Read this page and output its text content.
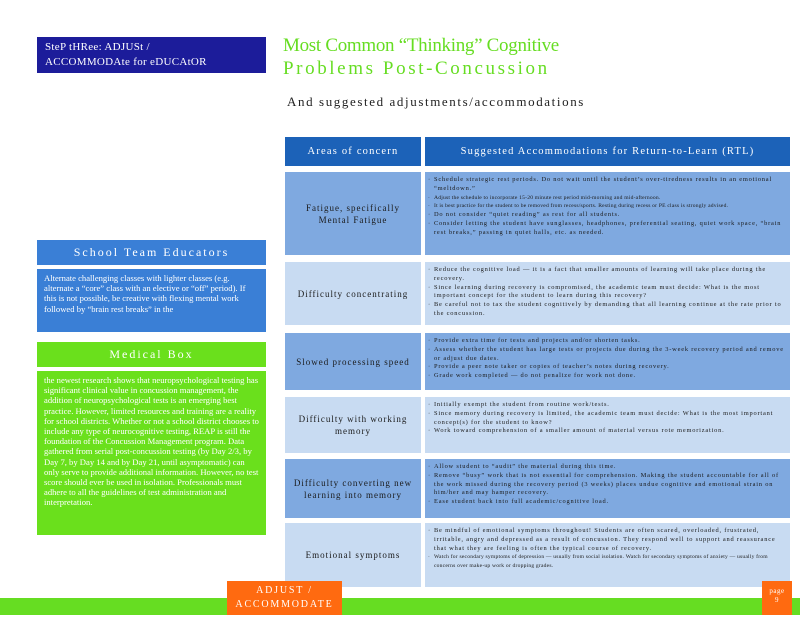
SteP tHRee: ADJUSt /
ACCOMMODAte for eDUCAtOR
Most Common “Thinking” Cognitive
Problems Post-Concussion
And suggested adjustments/accommodations
School Team Educators
Alternate challenging classes with lighter classes (e.g. alternate a “core” class with an elective or “off” period). If this is not possible, be creative with flexing mental work followed by “brain rest breaks” in the
Medical Box
the newest research shows that neuropsychological testing has significant clinical value in concussion management, the addition of neuropsychological tests is an emerging best practice. However, limited resources and training are a reality for school districts. Whether or not a school district chooses to include any type of neurocognitive testing, REAP is still the foundation of the Concussion Management program. Data gathered from serial post-concussion testing (by Day 2/3, by Day 7, by Day 14 and by Day 21, until asymptomatic) can only serve to provide additional information. However, no test score should ever be used in isolation. Professionals must adhere to all the guidelines of test administration and interpretation.
Areas of concern	Suggested Accommodations for Return-to-Learn (RTL)
Fatigue, specifically Mental Fatigue
· Schedule strategic rest periods. Do not wait until the student’s over-tiredness results in an emotional “meltdown.”
· Adjust the schedule to incorporate 15-20 minute rest period mid-morning and mid-afternoon.
· It is best practice for the student to be removed from recess/sports. Resting during recess or PE class is strongly advised.
· Do not consider “quiet reading” as rest for all students.
· Consider letting the student have sunglasses, headphones, preferential seating, quiet work space, “brain rest breaks,” passing in quiet halls, etc. as needed.
Difficulty concentrating
· Reduce the cognitive load — it is a fact that smaller amounts of learning will take place during the recovery.
· Since learning during recovery is compromised, the academic team must decide: What is the most important concept for the student to learn during this recovery?
· Be careful not to tax the student cognitively by demanding that all learning continue at the rate prior to the concussion.
Slowed processing speed
· Provide extra time for tests and projects and/or shorten tasks.
· Assess whether the student has large tests or projects due during the 3-week recovery period and remove or adjust due dates.
· Provide a peer note taker or copies of teacher’s notes during recovery.
· Grade work completed — do not penalize for work not done.
Difficulty with working memory
· Initially exempt the student from routine work/tests.
· Since memory during recovery is limited, the academic team must decide: What is the most important concept(s) for the student to know?
· Work toward comprehension of a smaller amount of material versus rote memorization.
Difficulty converting new learning into memory
· Allow student to “audit” the material during this time.
· Remove “busy” work that is not essential for comprehension. Making the student accountable for all of the work missed during the recovery period (3 weeks) places undue cognitive and emotional strain on him/her and may hamper recovery.
· Ease student back into full academic/cognitive load.
Emotional symptoms
· Be mindful of emotional symptoms throughout! Students are often scared, overloaded, frustrated, irritable, angry and depressed as a result of concussion. They respond well to support and reassurance that what they are feeling is often the typical course of recovery.
· Watch for secondary symptoms of depression — usually from social isolation. Watch for secondary symptoms of anxiety — usually from concerns over make-up work or dropping grades.
ADJUST /
ACCOMMODATE
page
9
